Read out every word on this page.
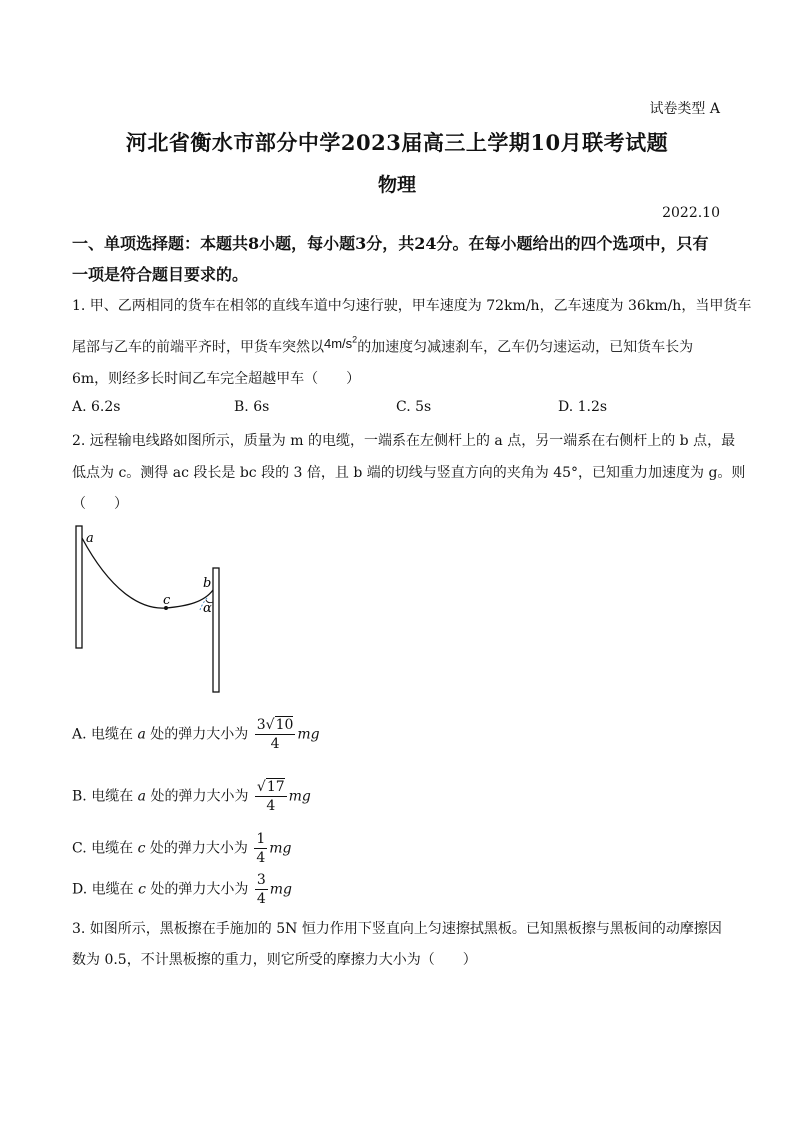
试卷类型 A
河北省衡水市部分中学2023届高三上学期10月联考试题
物理
2022.10
一、单项选择题：本题共8小题，每小题3分，共24分。在每小题给出的四个选项中，只有
一项是符合题目要求的。
1. 甲、乙两相同的货车在相邻的直线车道中匀速行驶，甲车速度为 72km/h，乙车速度为 36km/h，当甲货车
尾部与乙车的前端平齐时，甲货车突然以$4m/s^2$的加速度匀减速刹车，乙车仍匀速运动，已知货车长为
6m，则经多长时间乙车完全超越甲车（　　）
A. 6.2s	B. 6s	C. 5s	D. 1.2s
2. 远程输电线路如图所示，质量为 m 的电缆，一端系在左侧杆上的 a 点，另一端系在右侧杆上的 b 点，最
低点为 c。测得 ac 段长是 bc 段的 3 倍，且 b 端的切线与竖直方向的夹角为 45°，已知重力加速度为 g。则
（　　）
a
b
c
α
A. 电缆在 a 处的弹力大小为 $\frac{3√10}{4}$ mg
B. 电缆在 a 处的弹力大小为 $\frac{√17}{4}$ mg
C. 电缆在 c 处的弹力大小为 $\frac{1}{4}$ mg
D. 电缆在 c 处的弹力大小为 $\frac{3}{4}$ mg
3. 如图所示，黑板擦在手施加的 5N 恒力作用下竖直向上匀速擦拭黑板。已知黑板擦与黑板间的动摩擦因
数为 0.5，不计黑板擦的重力，则它所受的摩擦力大小为（　　）
